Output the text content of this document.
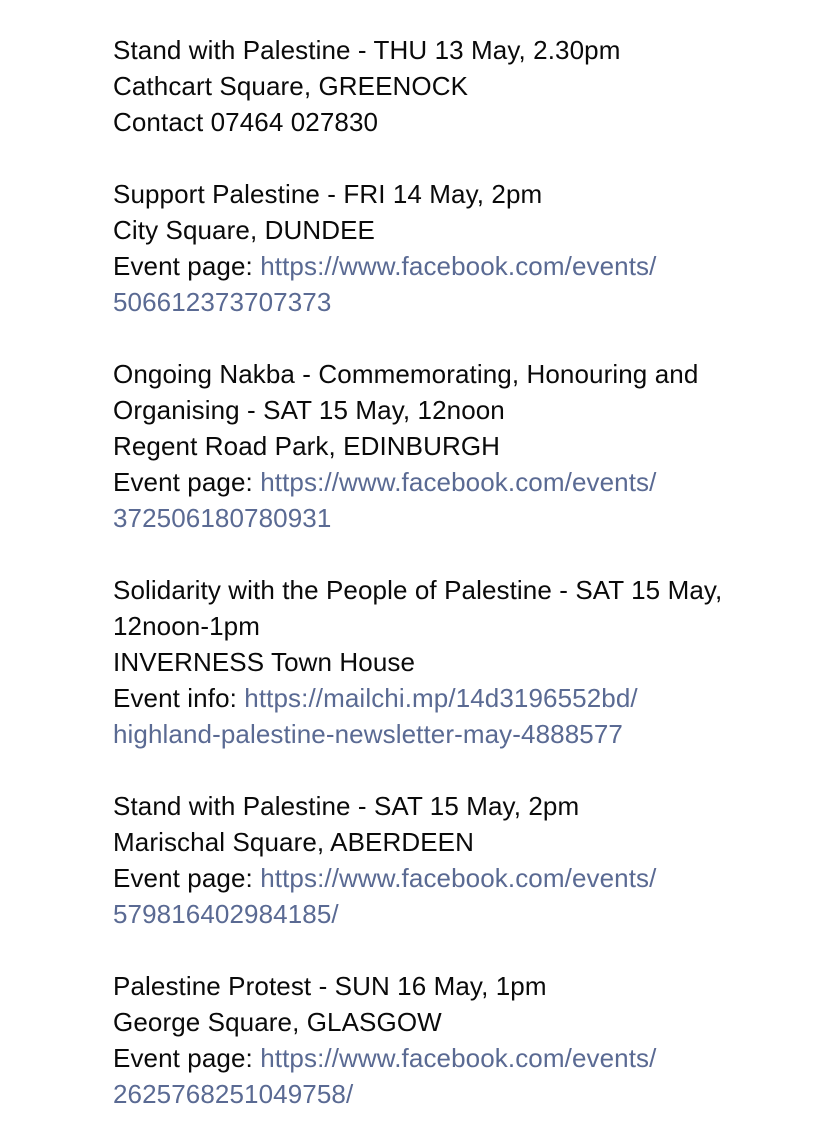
Stand with Palestine - THU 13 May, 2.30pm
Cathcart Square, GREENOCK
Contact 07464 027830
Support Palestine - FRI 14 May, 2pm
City Square, DUNDEE
Event page: https://www.facebook.com/events/
506612373707373
Ongoing Nakba - Commemorating, Honouring and
Organising - SAT 15 May, 12noon
Regent Road Park, EDINBURGH
Event page: https://www.facebook.com/events/
372506180780931
Solidarity with the People of Palestine - SAT 15 May,
12noon-1pm
INVERNESS Town House
Event info: https://mailchi.mp/14d3196552bd/
highland-palestine-newsletter-may-4888577
Stand with Palestine - SAT 15 May, 2pm
Marischal Square, ABERDEEN
Event page: https://www.facebook.com/events/
579816402984185/
Palestine Protest - SUN 16 May, 1pm
George Square, GLASGOW
Event page: https://www.facebook.com/events/
2625768251049758/
